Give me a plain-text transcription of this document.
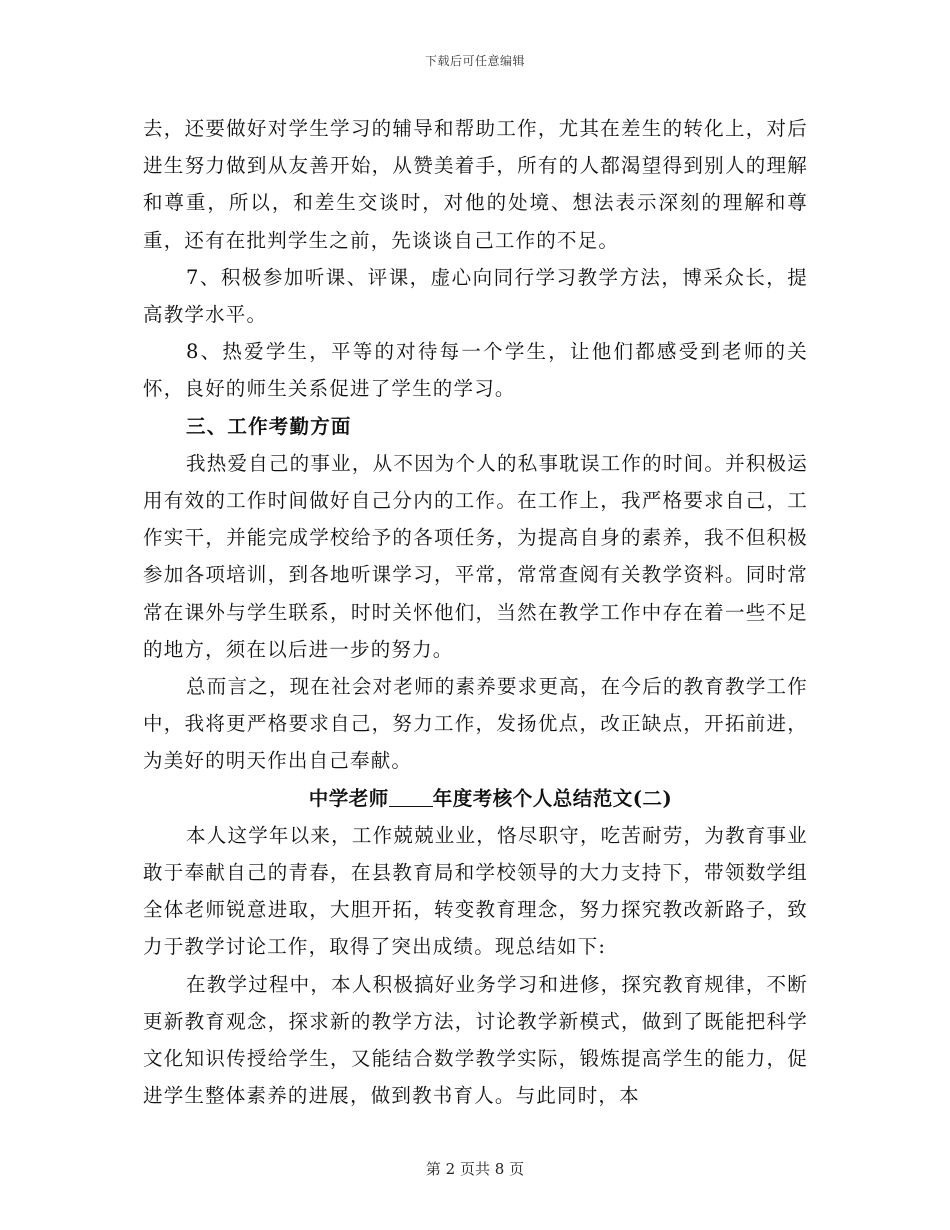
下载后可任意编辑

去，还要做好对学生学习的辅导和帮助工作，尤其在差生的转化上，对后进生努力做到从友善开始，从赞美着手，所有的人都渴望得到别人的理解和尊重，所以，和差生交谈时，对他的处境、想法表示深刻的理解和尊重，还有在批判学生之前，先谈谈自己工作的不足。

7、积极参加听课、评课，虚心向同行学习教学方法，博采众长，提高教学水平。

8、热爱学生，平等的对待每一个学生，让他们都感受到老师的关怀，良好的师生关系促进了学生的学习。

三、工作考勤方面

我热爱自己的事业，从不因为个人的私事耽误工作的时间。并积极运用有效的工作时间做好自己分内的工作。在工作上，我严格要求自己，工作实干，并能完成学校给予的各项任务，为提高自身的素养，我不但积极参加各项培训，到各地听课学习，平常，常常查阅有关教学资料。同时常常在课外与学生联系，时时关怀他们，当然在教学工作中存在着一些不足的地方，须在以后进一步的努力。

总而言之，现在社会对老师的素养要求更高，在今后的教育教学工作中，我将更严格要求自己，努力工作，发扬优点，改正缺点，开拓前进，为美好的明天作出自己奉献。

中学老师 年度考核个人总结范文(二)

本人这学年以来，工作兢兢业业，恪尽职守，吃苦耐劳，为教育事业敢于奉献自己的青春，在县教育局和学校领导的大力支持下，带领数学组全体老师锐意进取，大胆开拓，转变教育理念，努力探究教改新路子，致力于教学讨论工作，取得了突出成绩。现总结如下:

在教学过程中，本人积极搞好业务学习和进修，探究教育规律，不断更新教育观念，探求新的教学方法，讨论教学新模式，做到了既能把科学文化知识传授给学生，又能结合数学教学实际，锻炼提高学生的能力，促进学生整体素养的进展，做到教书育人。与此同时，本

第 2 页共 8 页
